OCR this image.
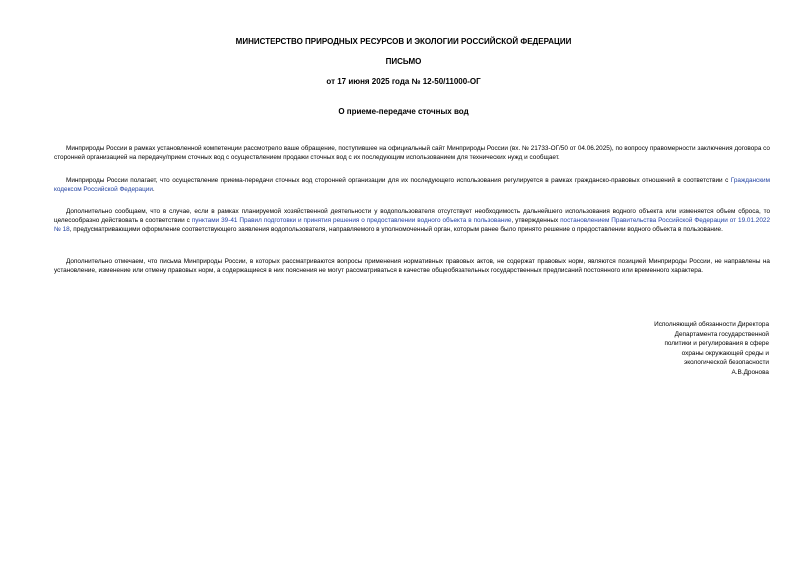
МИНИСТЕРСТВО ПРИРОДНЫХ РЕСУРСОВ И ЭКОЛОГИИ РОССИЙСКОЙ ФЕДЕРАЦИИ
ПИСЬМО
от 17 июня 2025 года № 12-50/11000-ОГ
О приеме-передаче сточных вод

Минприроды России в рамках установленной компетенции рассмотрело ваше обращение, поступившее на официальный сайт Минприроды России (вх. № 21733-ОГ/50 от 04.06.2025), по вопросу правомерности заключения договора со сторонней организацией на передачу/прием сточных вод с осуществлением продажи сточных вод с их последующим использованием для технических нужд и сообщает.

Минприроды России полагает, что осуществление приема-передачи сточных вод сторонней организации для их последующего использования регулируется в рамках гражданско-правовых отношений в соответствии с Гражданским кодексом Российской Федерации.

Дополнительно сообщаем, что в случае, если в рамках планируемой хозяйственной деятельности у водопользователя отсутствует необходимость дальнейшего использования водного объекта или изменяется объем сброса, то целесообразно действовать в соответствии с пунктами 39-41 Правил подготовки и принятия решения о предоставлении водного объекта в пользование, утвержденных постановлением Правительства Российской Федерации от 19.01.2022 № 18, предусматривающими оформление соответствующего заявления водопользователя, направляемого в уполномоченный орган, которым ранее было принято решение о предоставлении водного объекта в пользование.

Дополнительно отмечаем, что письма Минприроды России, в которых рассматриваются вопросы применения нормативных правовых актов, не содержат правовых норм, являются позицией Минприроды России, не направлены на установление, изменение или отмену правовых норм, а содержащиеся в них пояснения не могут рассматриваться в качестве общеобязательных государственных предписаний постоянного или временного характера.

Исполняющий обязанности Директора
Департамента государственной
политики и регулирования в сфере
охраны окружающей среды и
экологической безопасности
А.В.Дронова
